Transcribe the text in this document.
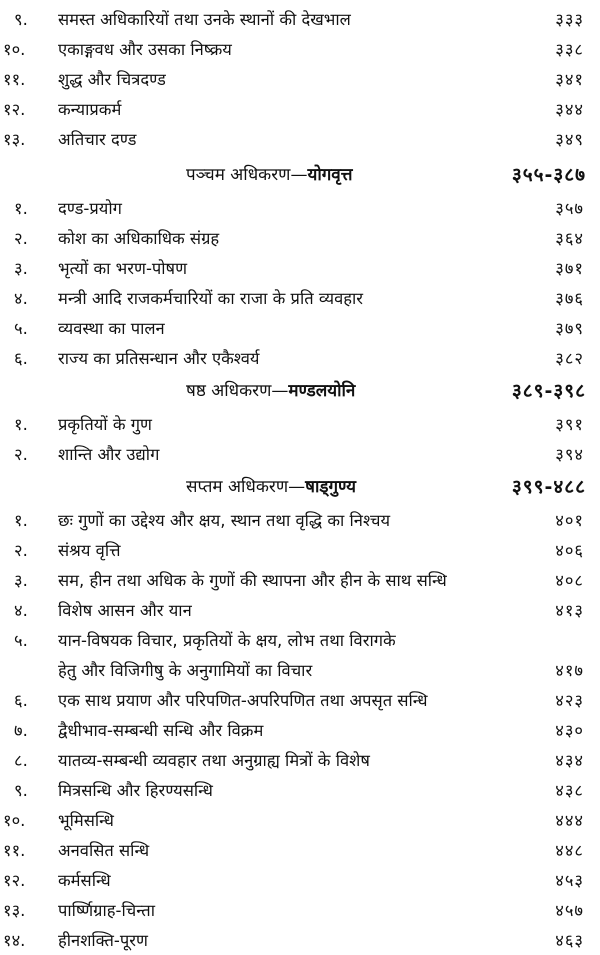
९.	समस्त अधिकारियों तथा उनके स्थानों की देखभाल	३३३
१०.	एकाङ्गवध और उसका निष्क्रय	३३८
११.	शुद्ध और चित्रदण्ड	३४१
१२.	कन्याप्रकर्म	३४४
१३.	अतिचार दण्ड	३४९
पञ्चम अधिकरण—योगवृत्त	३५५-३८७
१.	दण्ड-प्रयोग	३५७
२.	कोश का अधिकाधिक संग्रह	३६४
३.	भृत्यों का भरण-पोषण	३७१
४.	मन्त्री आदि राजकर्मचारियों का राजा के प्रति व्यवहार	३७६
५.	व्यवस्था का पालन	३७९
६.	राज्य का प्रतिसन्धान और एकैश्वर्य	३८२
षष्ठ अधिकरण—मण्डलयोनि	३८९-३९८
१.	प्रकृतियों के गुण	३९१
२.	शान्ति और उद्योग	३९४
सप्तम अधिकरण—षाड्गुण्य	३९९-४८८
१.	छः गुणों का उद्देश्य और क्षय, स्थान तथा वृद्धि का निश्चय	४०१
२.	संश्रय वृत्ति	४०६
३.	सम, हीन तथा अधिक के गुणों की स्थापना और हीन के साथ सन्धि	४०८
४.	विशेष आसन और यान	४१३
५.	यान-विषयक विचार, प्रकृतियों के क्षय, लोभ तथा विरागके
हेतु और विजिगीषु के अनुगामियों का विचार	४१७
६.	एक साथ प्रयाण और परिपणित-अपरिपणित तथा अपसृत सन्धि	४२३
७.	द्वैधीभाव-सम्बन्धी सन्धि और विक्रम	४३०
८.	यातव्य-सम्बन्धी व्यवहार तथा अनुग्राह्य मित्रों के विशेष	४३४
९.	मित्रसन्धि और हिरण्यसन्धि	४३८
१०.	भूमिसन्धि	४४४
११.	अनवसित सन्धि	४४८
१२.	कर्मसन्धि	४५३
१३.	पार्ष्णिग्राह-चिन्ता	४५७
१४.	हीनशक्ति-पूरण	४६३
